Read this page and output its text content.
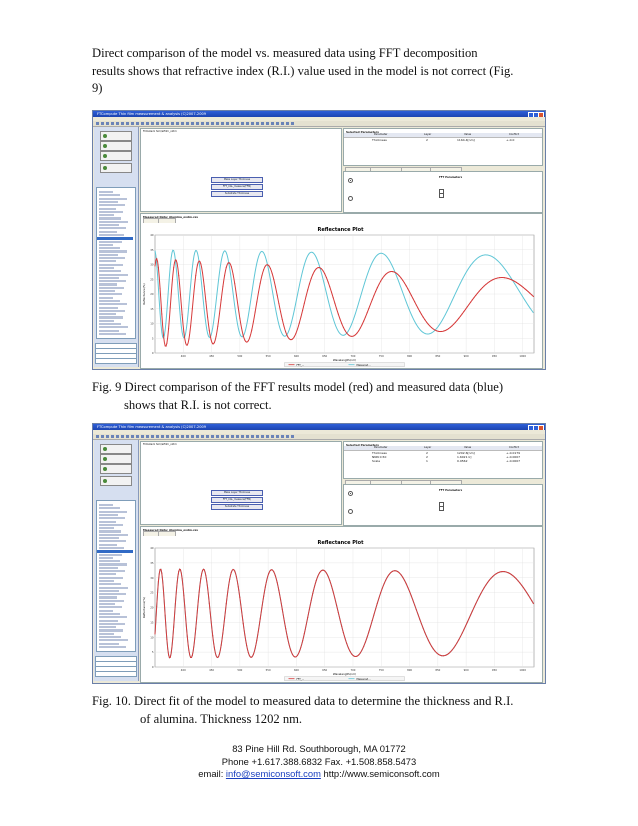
Direct comparison of the model vs. measured data using FFT decomposition
results shows that refractive index (R.I.) value used in the model is not correct (Fig.
9)
FTCompute Thin film measurement & analysis (C)2007-2009
Filmstack Sim/alfilm_oldm
Make Layer Thickness
FFT_CAL_measure(FFM)
Substrate Thickness
Selected Parameters
Parameter	Layer	Value	Conflict
Thickness	2	1164.4[nm]	+-0.0
FFT Parameters
Measured Data: Alumina_oxdm.csv
Reflectance Plot
400	450	500	550	600	650	700	750	800	850	900	950	1000
0
5
10
15
20
25
30
35
40
Wavelength(nm)
Reflectance(%)
FFT_...	Measured...
Fig. 9 Direct comparison of the FFT results model (red) and measured data (blue)
shows that R.I. is not correct.
FTCompute Thin film measurement & analysis (C)2007-2009
Filmstack Sim/alfilm_oldm
Make Layer Thickness
FFT_CAL_measure(FFM)
Substrate Thickness
Selected Parameters
Parameter	Layer	Value	Conflict
Thickness	2	1202.6[nm]	+-0.0179
NNN 0.50	2	1.6021 k]	+-0.0007
Scale	1	0.9562	+-0.0007
FFT Parameters
Measured Data: Alumina_oxdm.csv
Reflectance Plot
400	450	500	550	600	650	700	750	800	850	900	950	1000
0
5
10
15
20
25
30
35
40
Wavelength(nm)
Reflectance(%)
FFT_...	Measured...
Fig. 10. Direct fit of the model to measured data to determine the thickness and R.I.
of alumina. Thickness 1202 nm.
83 Pine Hill Rd. Southborough, MA 01772
Phone +1.617.388.6832 Fax. +1.508.858.5473
email: info@semiconsoft.com http://www.semiconsoft.com
